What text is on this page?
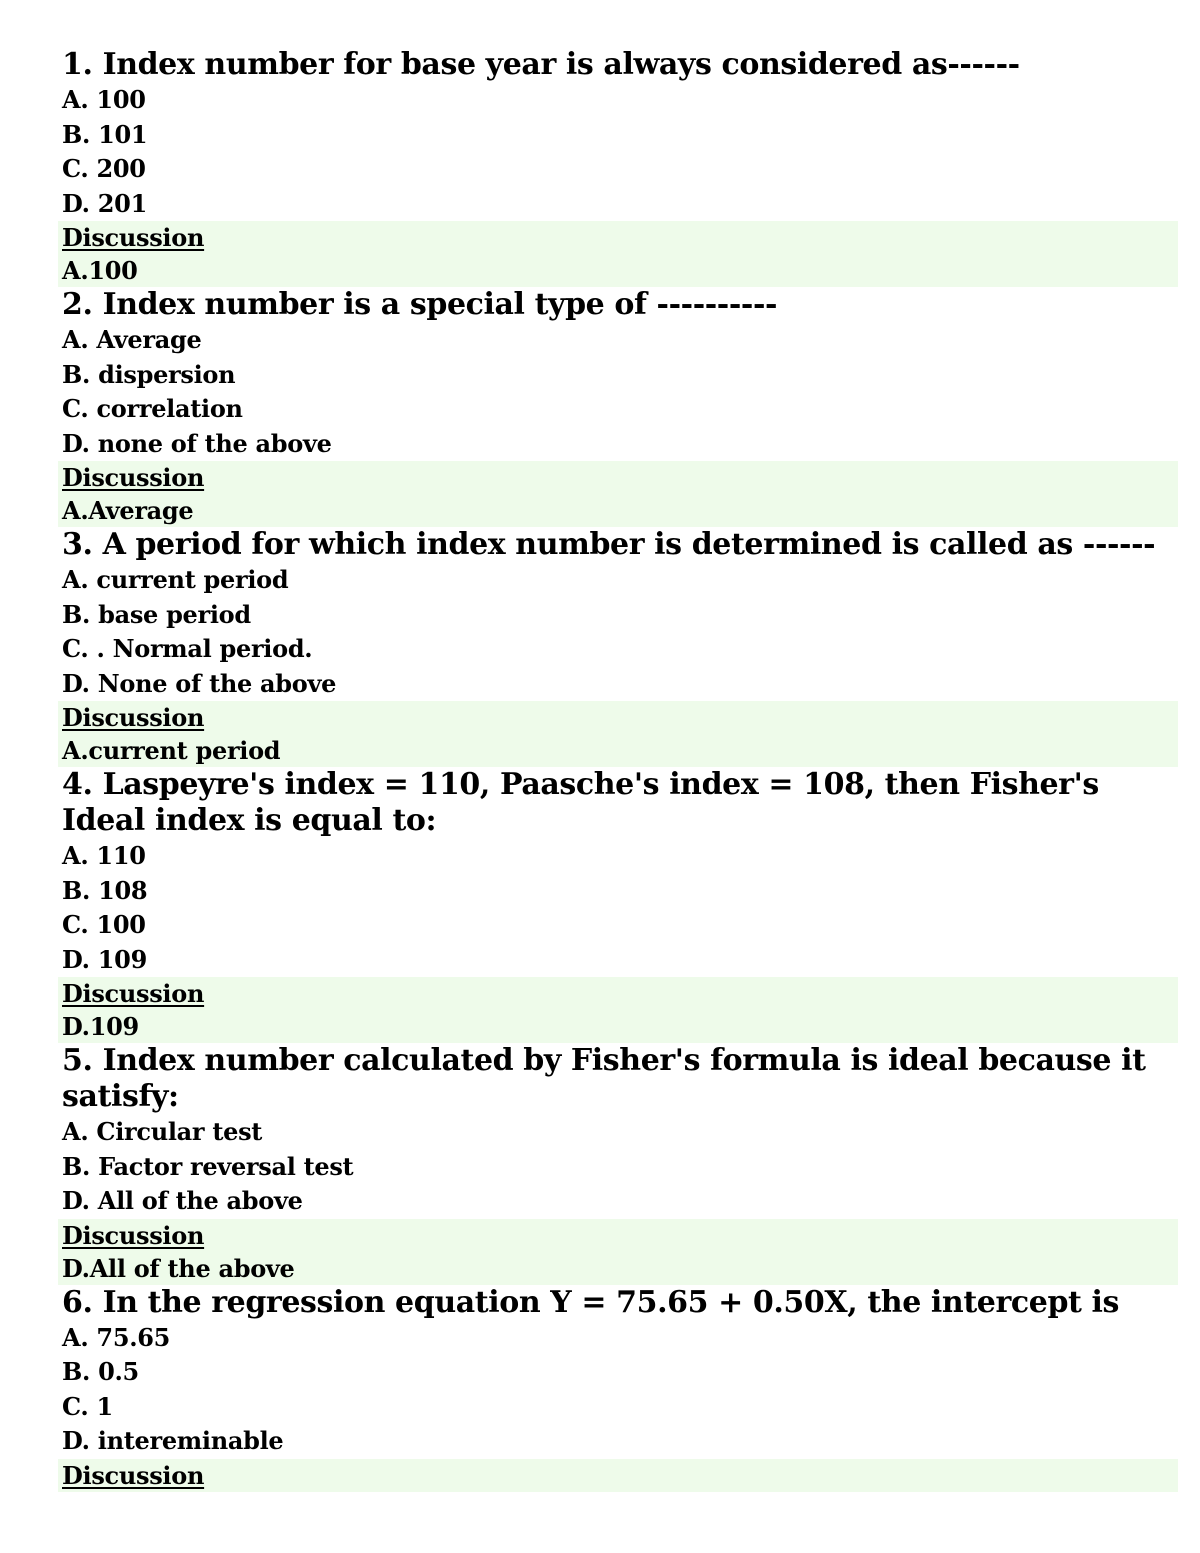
1. Index number for base year is always considered as------
A. 100
B. 101
C. 200
D. 201
Discussion
A.100
2. Index number is a special type of ----------
A. Average
B. dispersion
C. correlation
D. none of the above
Discussion
A.Average
3. A period for which index number is determined is called as ------
A. current period
B. base period
C. . Normal period.
D. None of the above
Discussion
A.current period
4. Laspeyre's index = 110, Paasche's index = 108, then Fisher's Ideal index is equal to:
A. 110
B. 108
C. 100
D. 109
Discussion
D.109
5. Index number calculated by Fisher's formula is ideal because it satisfy:
A. Circular test
B. Factor reversal test
D. All of the above
Discussion
D.All of the above
6. In the regression equation Y = 75.65 + 0.50X, the intercept is
A. 75.65
B. 0.5
C. 1
D. intereminable
Discussion
